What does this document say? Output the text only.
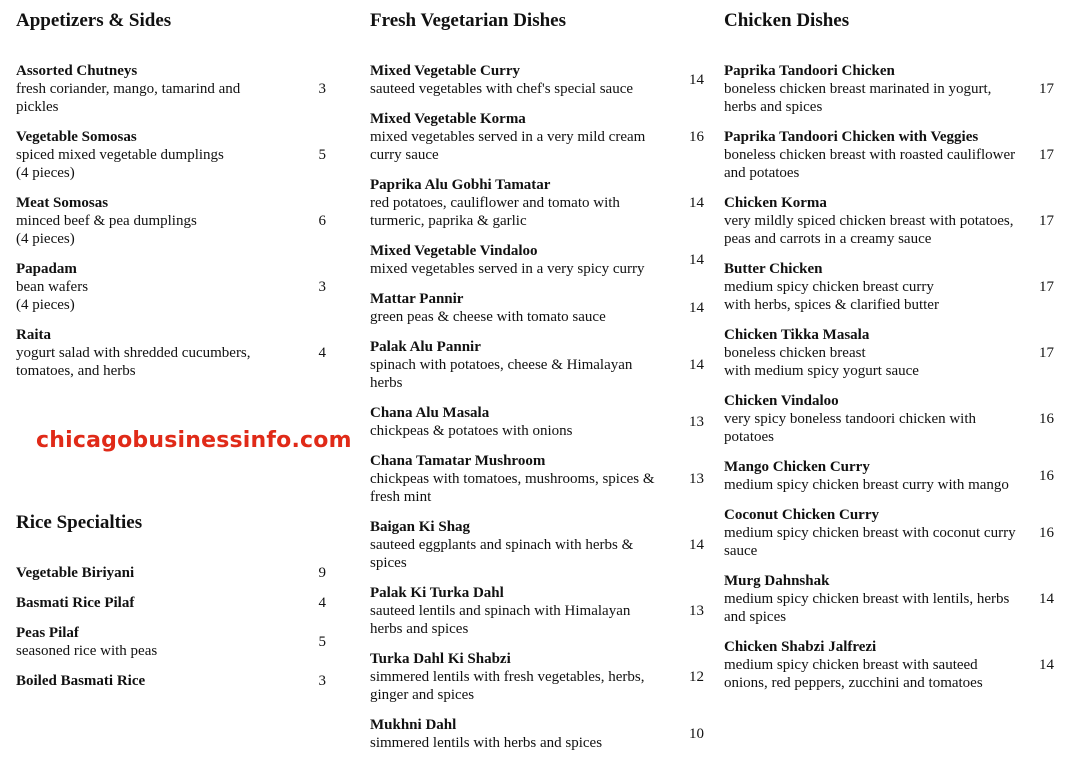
Appetizers & Sides
Assorted Chutneys
fresh coriander, mango, tamarind and pickles
3
Vegetable Somosas
spiced mixed vegetable dumplings
(4 pieces)
5
Meat Somosas
minced beef & pea dumplings
(4 pieces)
6
Papadam
bean wafers
(4 pieces)
3
Raita
yogurt salad with shredded cucumbers,
tomatoes, and herbs
4
Rice Specialties
Vegetable Biriyani	9
Basmati Rice Pilaf	4
Peas Pilaf
seasoned rice with peas
5
Boiled Basmati Rice	3
Fresh Vegetarian Dishes
Mixed Vegetable Curry
sauteed vegetables with chef's special sauce
14
Mixed Vegetable Korma
mixed vegetables served in a very mild cream curry sauce
16
Paprika Alu Gobhi Tamatar
red potatoes, cauliflower and tomato with turmeric, paprika & garlic
14
Mixed Vegetable Vindaloo
mixed vegetables served in a very spicy curry
14
Mattar Pannir
green peas & cheese with tomato sauce
14
Palak Alu Pannir
spinach with potatoes, cheese & Himalayan herbs
14
Chana Alu Masala
chickpeas & potatoes with onions
13
Chana Tamatar Mushroom
chickpeas with tomatoes, mushrooms, spices & fresh mint
13
Baigan Ki Shag
sauteed eggplants and spinach with herbs & spices
14
Palak Ki Turka Dahl
sauteed lentils and spinach with Himalayan herbs and spices
13
Turka Dahl Ki Shabzi
simmered lentils with fresh vegetables, herbs, ginger and spices
12
Mukhni Dahl
simmered lentils with herbs and spices
10
Chicken Dishes
Paprika Tandoori Chicken
boneless chicken breast marinated in yogurt, herbs and spices
17
Paprika Tandoori Chicken with Veggies
boneless chicken breast with roasted cauliflower and potatoes
17
Chicken Korma
very mildly spiced chicken breast with potatoes, peas and carrots in a creamy sauce
17
Butter Chicken
medium spicy chicken breast curry
with herbs, spices & clarified butter
17
Chicken Tikka Masala
boneless chicken breast
with medium spicy yogurt sauce
17
Chicken Vindaloo
very spicy boneless tandoori chicken with potatoes
16
Mango Chicken Curry
medium spicy chicken breast curry with mango
16
Coconut Chicken Curry
medium spicy chicken breast with coconut curry sauce
16
Murg Dahnshak
medium spicy chicken breast with lentils, herbs and spices
14
Chicken Shabzi Jalfrezi
medium spicy chicken breast with sauteed onions, red peppers, zucchini and tomatoes
14
chicagobusinessinfo.com
